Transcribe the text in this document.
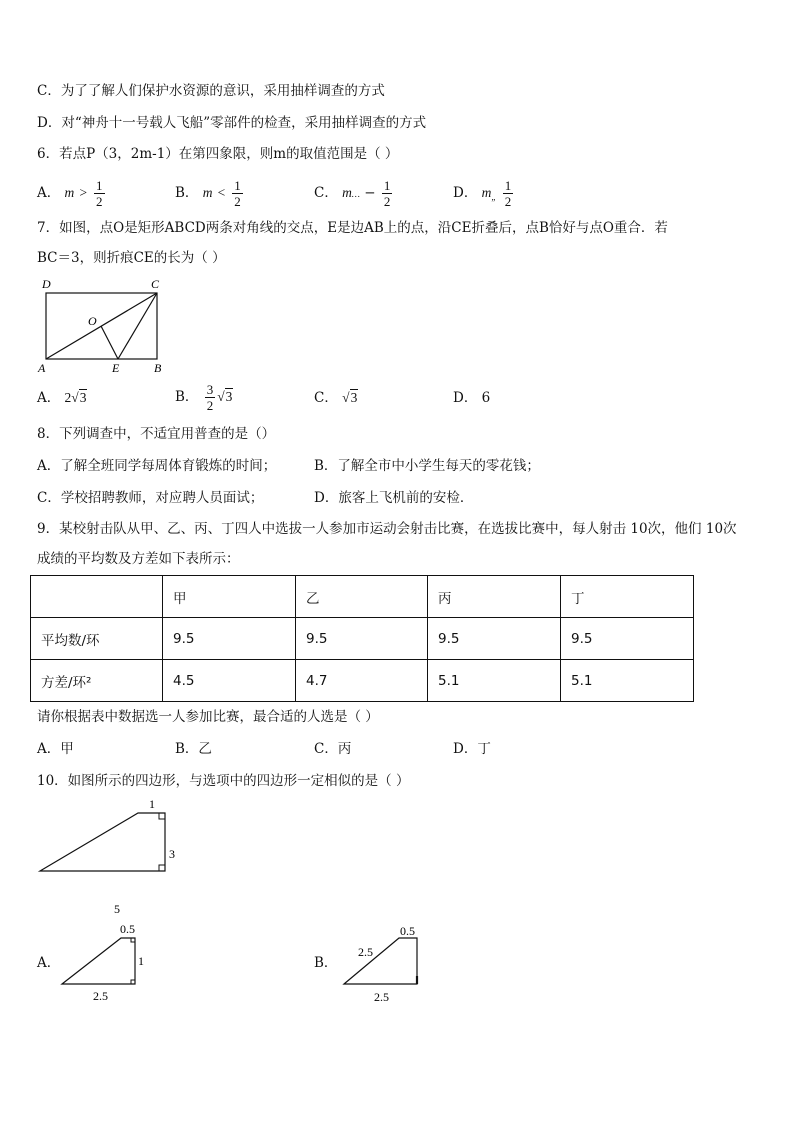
C．为了了解人们保护水资源的意识，采用抽样调查的方式
D．对“神舟十一号载人飞船”零部件的检查，采用抽样调查的方式
6．若点P（3，2m-1）在第四象限，则m的取值范围是（ ）
A． $m > \frac{1}{2}$	B． $m < \frac{1}{2}$	C． m… − $\frac{1}{2}$	D． $m_„ \frac{1}{2}$
7．如图，点O是矩形ABCD两条对角线的交点，E是边AB上的点，沿CE折叠后，点B恰好与点O重合．若
BC＝3，则折痕CE的长为（ ）
D	C
O
A	E	B
A． 2√3	B． $\frac{3}{2} √3$	C． √3	D． 6
8．下列调查中，不适宜用普查的是（）
A．了解全班同学每周体育锻炼的时间；	B．了解全市中小学生每天的零花钱；
C．学校招聘教师，对应聘人员面试；	D．旅客上飞机前的安检．
9．某校射击队从甲、乙、丙、丁四人中选拔一人参加市运动会射击比赛，在选拔比赛中，每人射击 10次，他们 10次
成绩的平均数及方差如下表所示：
	甲	乙	丙	丁
平均数/环	9.5	9.5	9.5	9.5
方差/环²	4.5	4.7	5.1	5.1
请你根据表中数据选一人参加比赛，最合适的人选是（ ）
A．甲	B．乙	C．丙	D．丁
10．如图所示的四边形，与选项中的四边形一定相似的是（ ）
1
3
5
A．
0.5
1
2.5
B．
0.5
2.5
2.5
